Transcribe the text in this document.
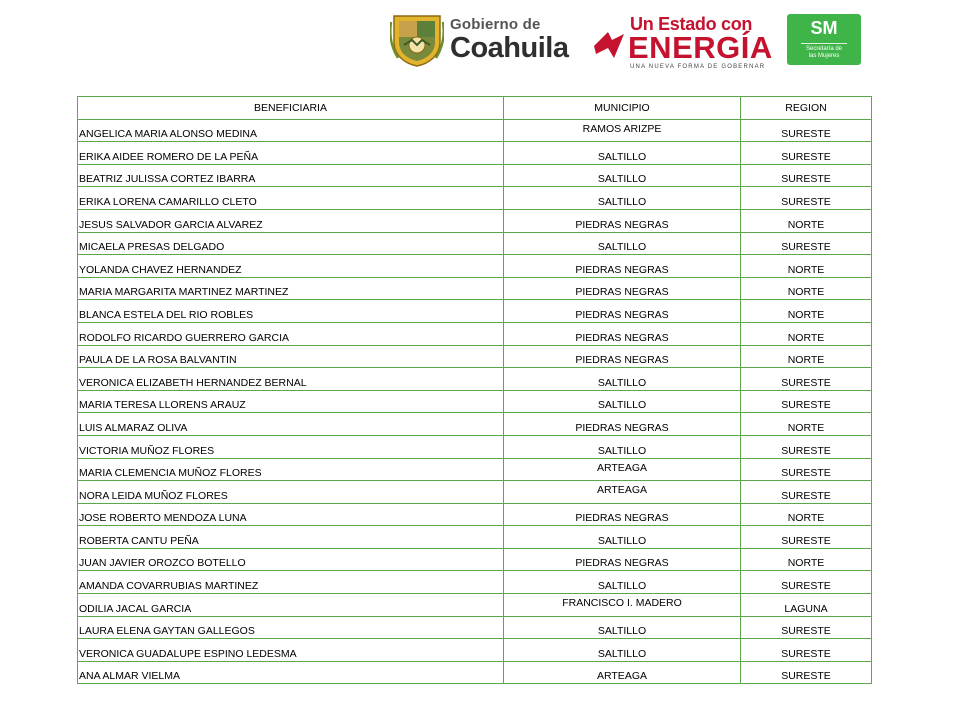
Gobierno de
Coahuila
Un Estado con
ENERGÍA
UNA NUEVA FORMA DE GOBERNAR
SM
Secretaría de
las Mujeres
BENEFICIARIA	MUNICIPIO	REGION
ANGELICA MARIA ALONSO MEDINA	RAMOS ARIZPE	SURESTE
ERIKA AIDEE ROMERO DE LA PEÑA	SALTILLO	SURESTE
BEATRIZ JULISSA CORTEZ IBARRA	SALTILLO	SURESTE
ERIKA LORENA CAMARILLO CLETO	SALTILLO	SURESTE
JESUS SALVADOR GARCIA ALVAREZ	PIEDRAS NEGRAS	NORTE
MICAELA PRESAS DELGADO	SALTILLO	SURESTE
YOLANDA CHAVEZ HERNANDEZ	PIEDRAS NEGRAS	NORTE
MARIA MARGARITA MARTINEZ MARTINEZ	PIEDRAS NEGRAS	NORTE
BLANCA ESTELA DEL RIO ROBLES	PIEDRAS NEGRAS	NORTE
RODOLFO RICARDO GUERRERO GARCIA	PIEDRAS NEGRAS	NORTE
PAULA DE LA ROSA BALVANTIN	PIEDRAS NEGRAS	NORTE
VERONICA ELIZABETH HERNANDEZ BERNAL	SALTILLO	SURESTE
MARIA TERESA LLORENS ARAUZ	SALTILLO	SURESTE
LUIS ALMARAZ OLIVA	PIEDRAS NEGRAS	NORTE
VICTORIA MUÑOZ FLORES	SALTILLO	SURESTE
MARIA CLEMENCIA MUÑOZ FLORES	ARTEAGA	SURESTE
NORA LEIDA MUÑOZ FLORES	ARTEAGA	SURESTE
JOSE ROBERTO MENDOZA LUNA	PIEDRAS NEGRAS	NORTE
ROBERTA CANTU PEÑA	SALTILLO	SURESTE
JUAN JAVIER OROZCO BOTELLO	PIEDRAS NEGRAS	NORTE
AMANDA COVARRUBIAS MARTINEZ	SALTILLO	SURESTE
ODILIA JACAL GARCIA	FRANCISCO I. MADERO	LAGUNA
LAURA ELENA GAYTAN GALLEGOS	SALTILLO	SURESTE
VERONICA GUADALUPE ESPINO LEDESMA	SALTILLO	SURESTE
ANA ALMAR VIELMA	ARTEAGA	SURESTE
